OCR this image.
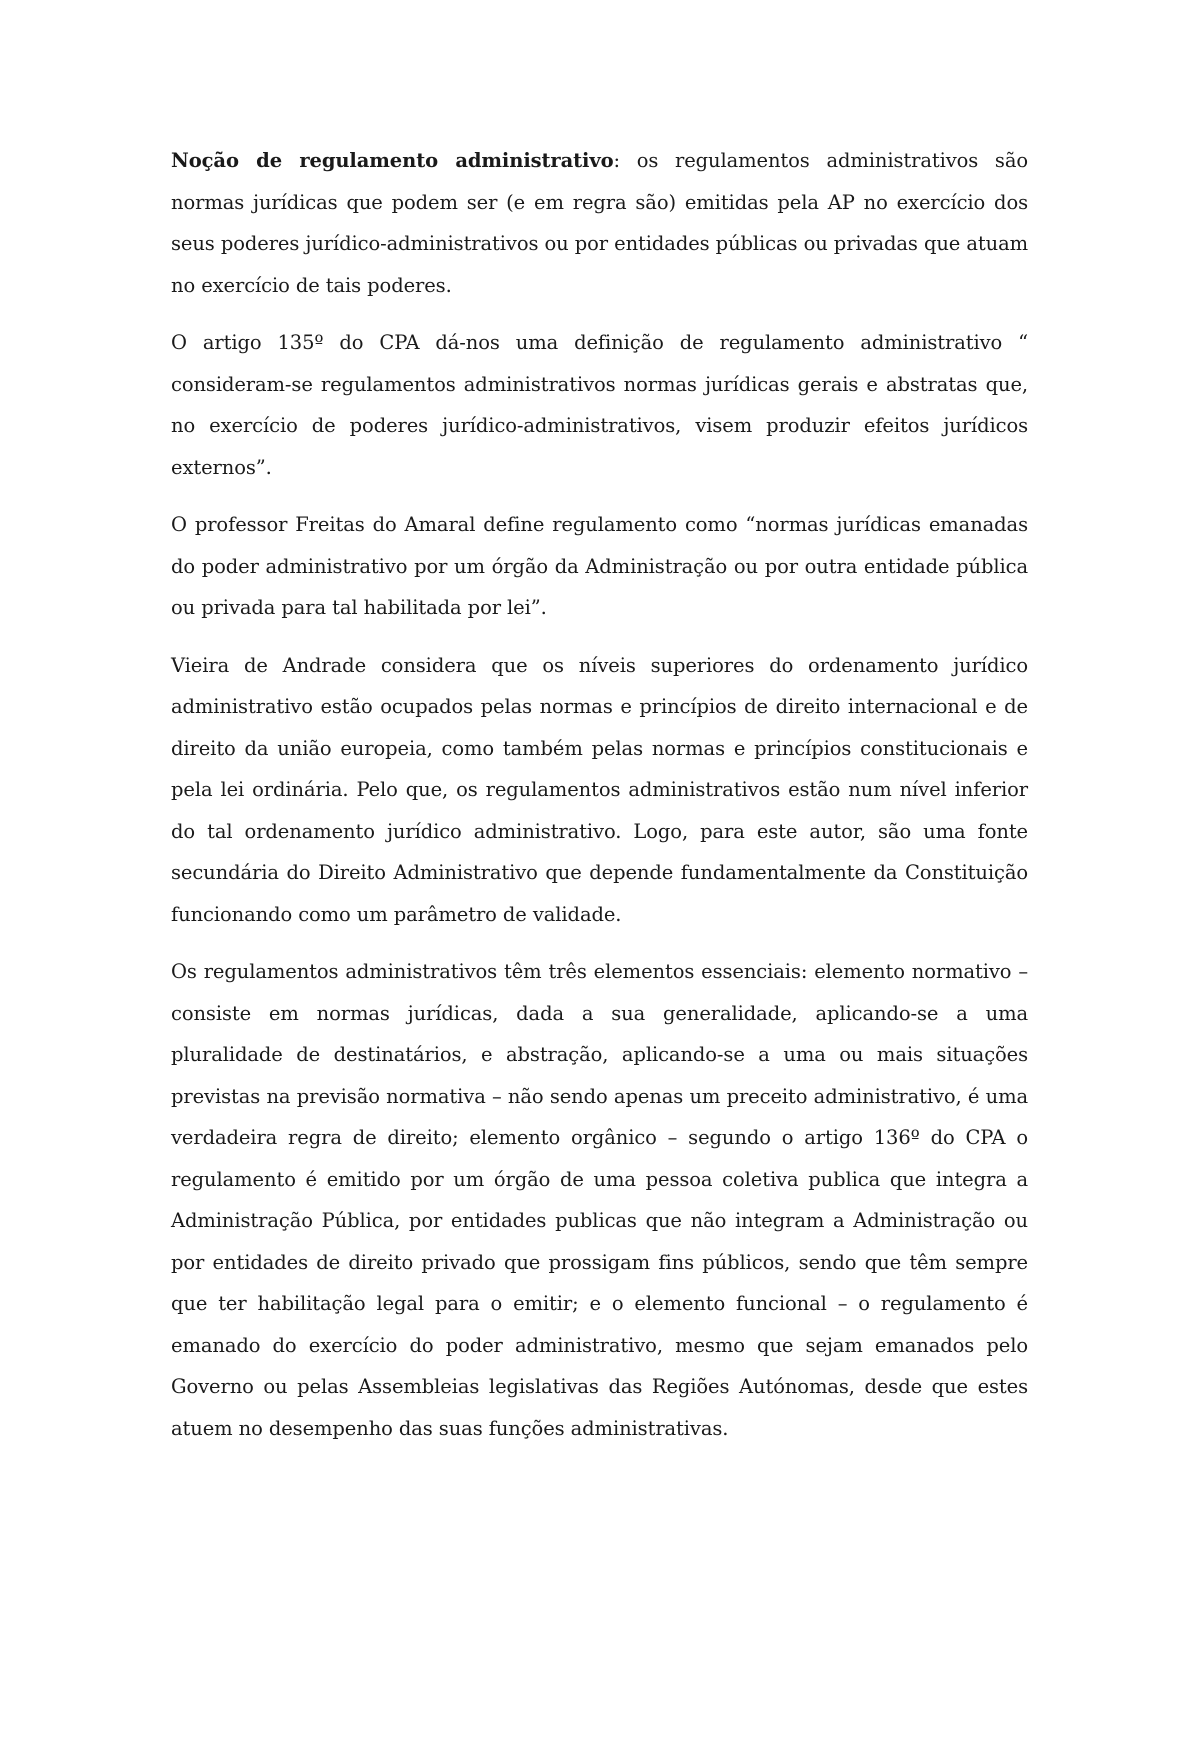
Noção de regulamento administrativo: os regulamentos administrativos são normas jurídicas que podem ser (e em regra são) emitidas pela AP no exercício dos seus poderes jurídico-administrativos ou por entidades públicas ou privadas que atuam no exercício de tais poderes.

O artigo 135º do CPA dá-nos uma definição de regulamento administrativo “ consideram-se regulamentos administrativos normas jurídicas gerais e abstratas que, no exercício de poderes jurídico-administrativos, visem produzir efeitos jurídicos externos”.

O professor Freitas do Amaral define regulamento como “normas jurídicas emanadas do poder administrativo por um órgão da Administração ou por outra entidade pública ou privada para tal habilitada por lei”.

Vieira de Andrade considera que os níveis superiores do ordenamento jurídico administrativo estão ocupados pelas normas e princípios de direito internacional e de direito da união europeia, como também pelas normas e princípios constitucionais e pela lei ordinária. Pelo que, os regulamentos administrativos estão num nível inferior do tal ordenamento jurídico administrativo. Logo, para este autor, são uma fonte secundária do Direito Administrativo que depende fundamentalmente da Constituição funcionando como um parâmetro de validade.

Os regulamentos administrativos têm três elementos essenciais: elemento normativo – consiste em normas jurídicas, dada a sua generalidade, aplicando-se a uma pluralidade de destinatários, e abstração, aplicando-se a uma ou mais situações previstas na previsão normativa – não sendo apenas um preceito administrativo, é uma verdadeira regra de direito; elemento orgânico – segundo o artigo 136º do CPA o regulamento é emitido por um órgão de uma pessoa coletiva publica que integra a Administração Pública, por entidades publicas que não integram a Administração ou por entidades de direito privado que prossigam fins públicos, sendo que têm sempre que ter habilitação legal para o emitir; e o elemento funcional – o regulamento é emanado do exercício do poder administrativo, mesmo que sejam emanados pelo Governo ou pelas Assembleias legislativas das Regiões Autónomas, desde que estes atuem no desempenho das suas funções administrativas.
